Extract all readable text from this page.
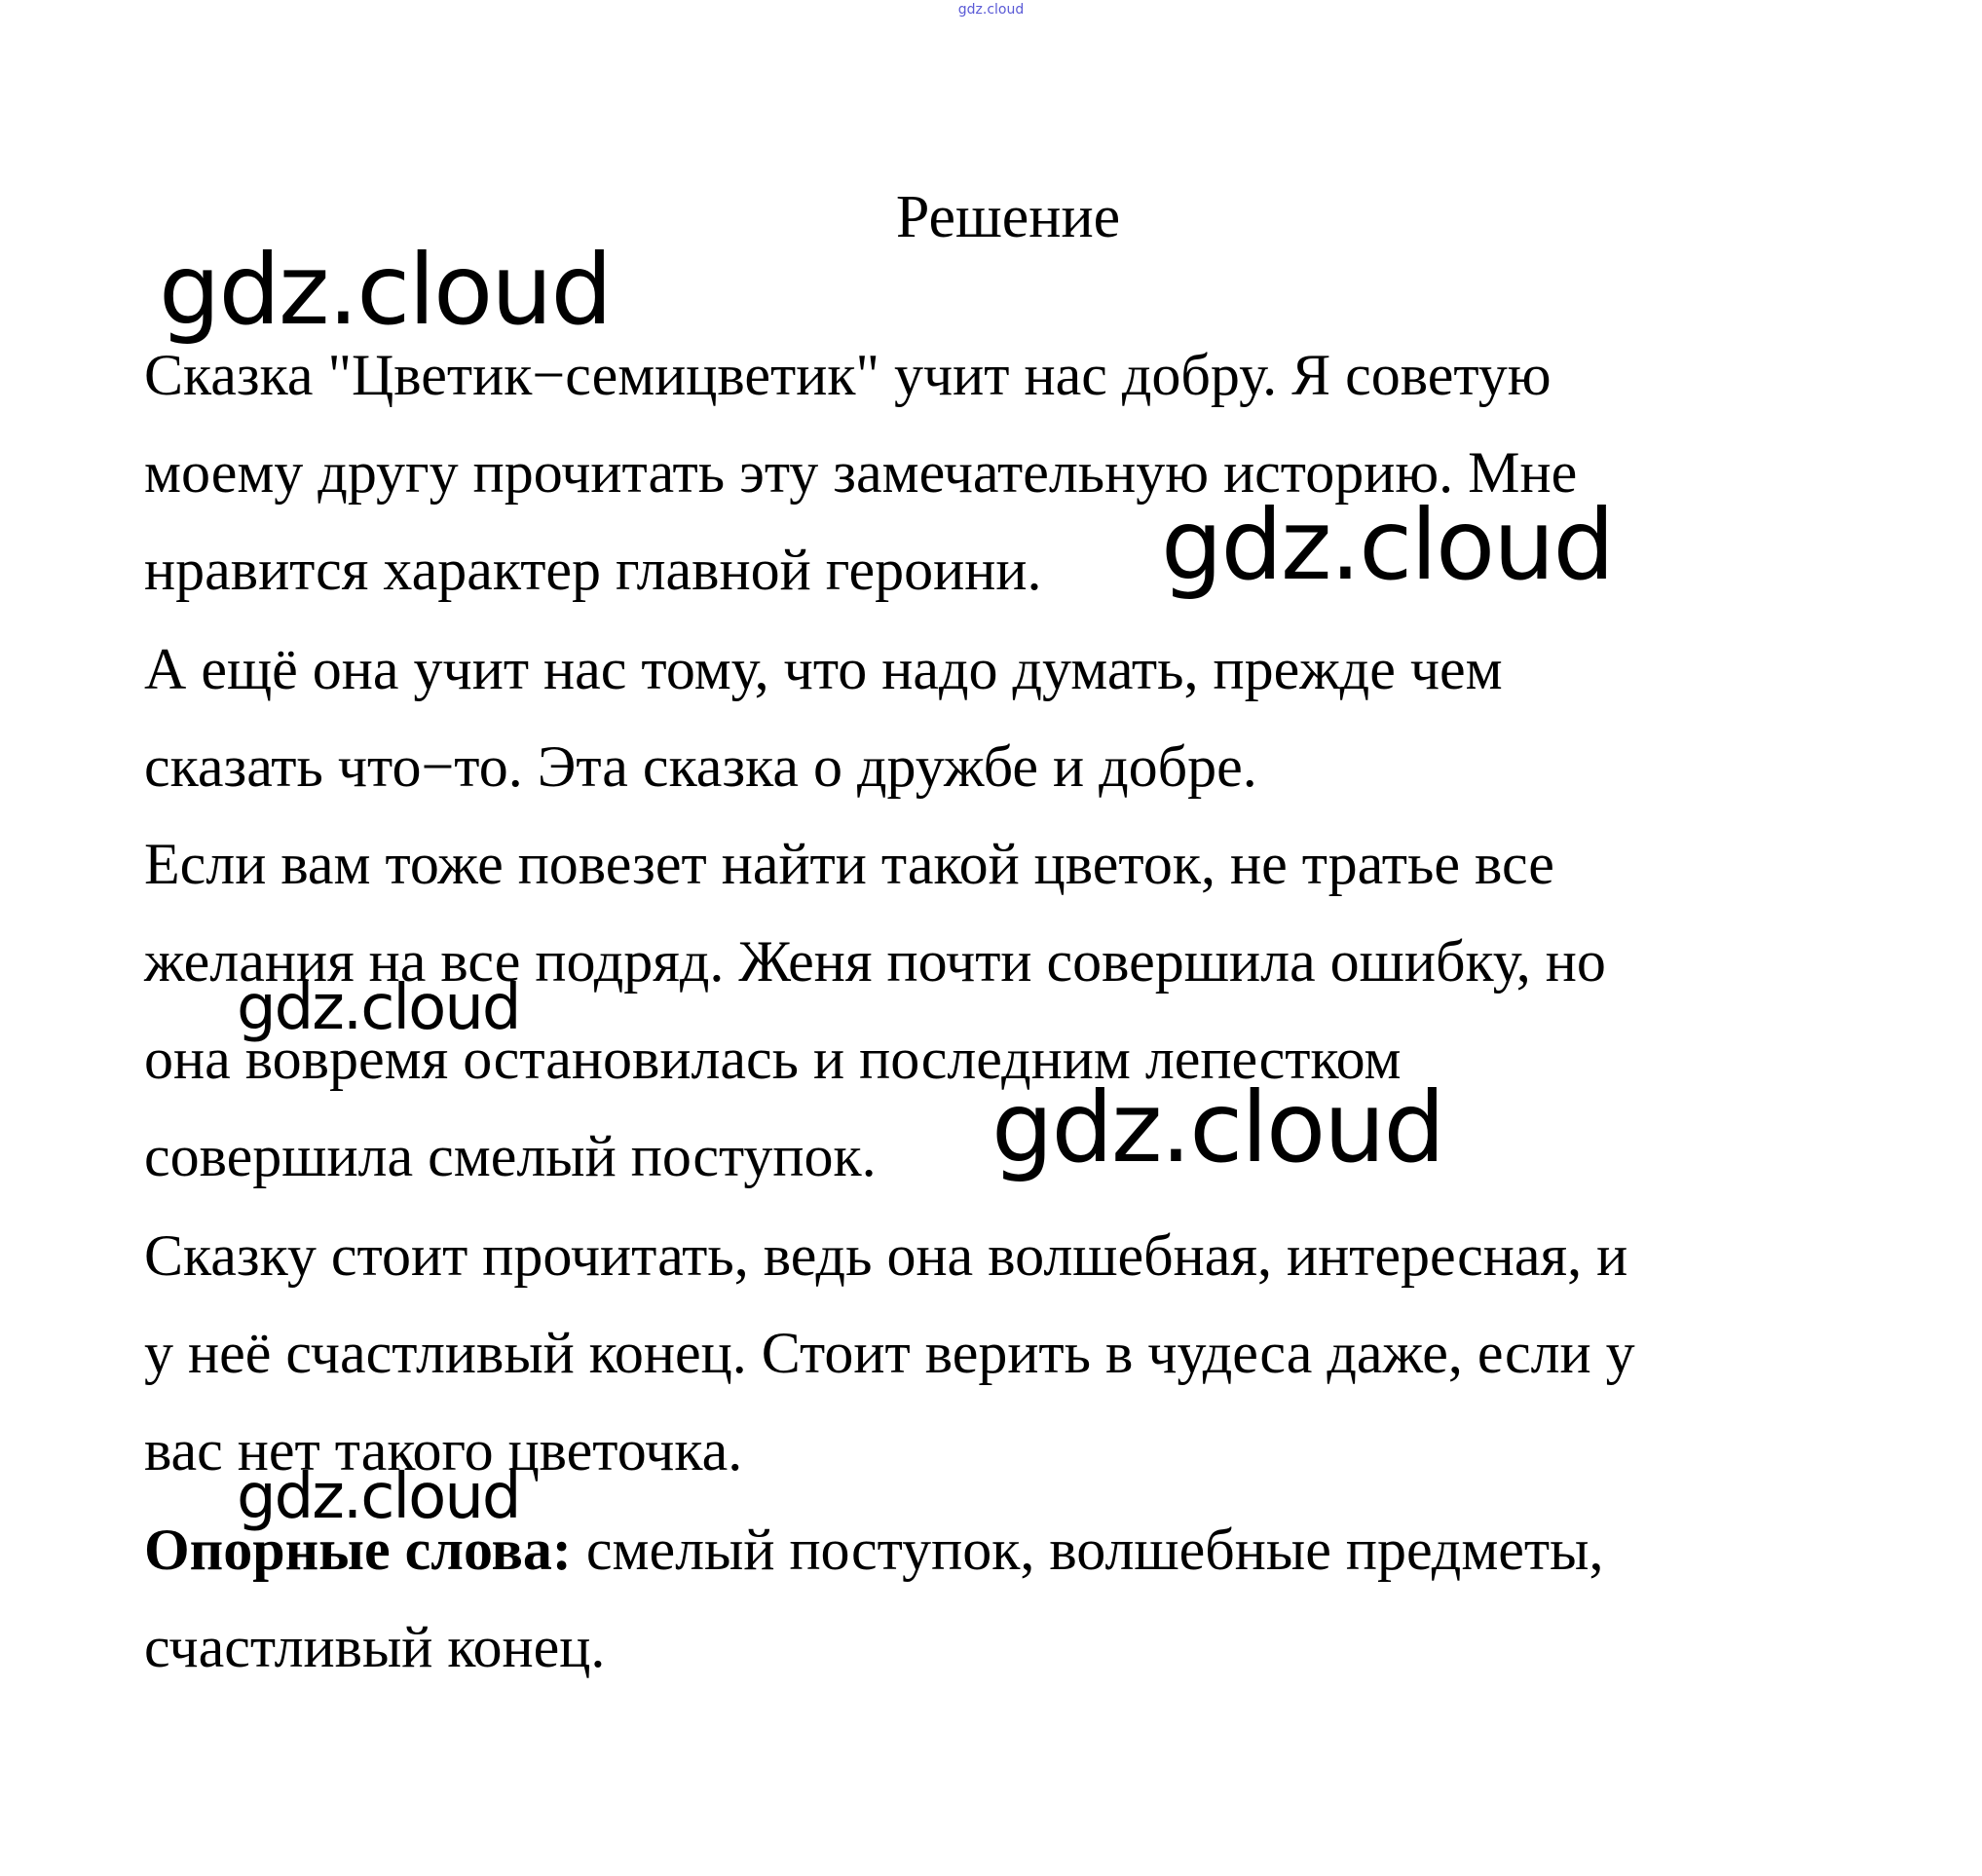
gdz.cloud
Решение
Сказка "Цветик−семицветик" учит нас добру. Я советую
моему другу прочитать эту замечательную историю. Мне
нравится характер главной героини.
А ещё она учит нас тому, что надо думать, прежде чем
сказать что−то. Эта сказка о дружбе и добре.
Если вам тоже повезет найти такой цветок, не тратье все
желания на все подряд. Женя почти совершила ошибку, но
она вовремя остановилась и последним лепестком
совершила смелый поступок.
Сказку стоит прочитать, ведь она волшебная, интересная, и
у неё счастливый конец. Стоит верить в чудеса даже, если у
вас нет такого цветочка.
Опорные слова: смелый поступок, волшебные предметы,
счастливый конец.
gdz.cloud
gdz.cloud
gdz.cloud
gdz.cloud
gdz.cloud
